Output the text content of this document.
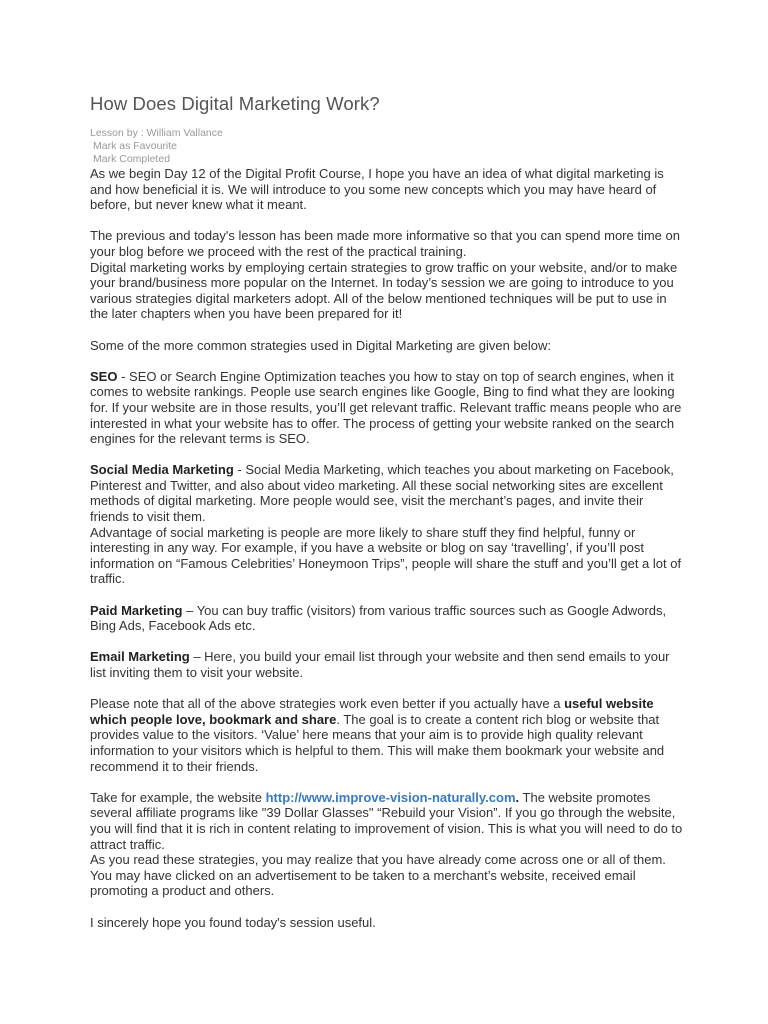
How Does Digital Marketing Work?
Lesson by : William Vallance
Mark as Favourite
Mark Completed

As we begin Day 12 of the Digital Profit Course, I hope you have an idea of what digital marketing is and how beneficial it is. We will introduce to you some new concepts which you may have heard of before, but never knew what it meant.

The previous and today's lesson has been made more informative so that you can spend more time on your blog before we proceed with the rest of the practical training.

Digital marketing works by employing certain strategies to grow traffic on your website, and/or to make your brand/business more popular on the Internet. In today’s session we are going to introduce to you various strategies digital marketers adopt. All of the below mentioned techniques will be put to use in the later chapters when you have been prepared for it!

Some of the more common strategies used in Digital Marketing are given below:

SEO - SEO or Search Engine Optimization teaches you how to stay on top of search engines, when it comes to website rankings. People use search engines like Google, Bing to find what they are looking for. If your website are in those results, you’ll get relevant traffic. Relevant traffic means people who are interested in what your website has to offer. The process of getting your website ranked on the search engines for the relevant terms is SEO.

Social Media Marketing - Social Media Marketing, which teaches you about marketing on Facebook, Pinterest and Twitter, and also about video marketing. All these social networking sites are excellent methods of digital marketing. More people would see, visit the merchant’s pages, and invite their friends to visit them.

Advantage of social marketing is people are more likely to share stuff they find helpful, funny or interesting in any way. For example, if you have a website or blog on say ‘travelling’, if you’ll post information on “Famous Celebrities’ Honeymoon Trips”, people will share the stuff and you’ll get a lot of traffic.

Paid Marketing – You can buy traffic (visitors) from various traffic sources such as Google Adwords, Bing Ads, Facebook Ads etc.

Email Marketing – Here, you build your email list through your website and then send emails to your list inviting them to visit your website.

Please note that all of the above strategies work even better if you actually have a useful website which people love, bookmark and share. The goal is to create a content rich blog or website that provides value to the visitors. ‘Value’ here means that your aim is to provide high quality relevant information to your visitors which is helpful to them. This will make them bookmark your website and recommend it to their friends.

Take for example, the website http://www.improve-vision-naturally.com. The website promotes several affiliate programs like "39 Dollar Glasses" “Rebuild your Vision”. If you go through the website, you will find that it is rich in content relating to improvement of vision. This is what you will need to do to attract traffic.

As you read these strategies, you may realize that you have already come across one or all of them. You may have clicked on an advertisement to be taken to a merchant’s website, received email promoting a product and others.

I sincerely hope you found today's session useful.
